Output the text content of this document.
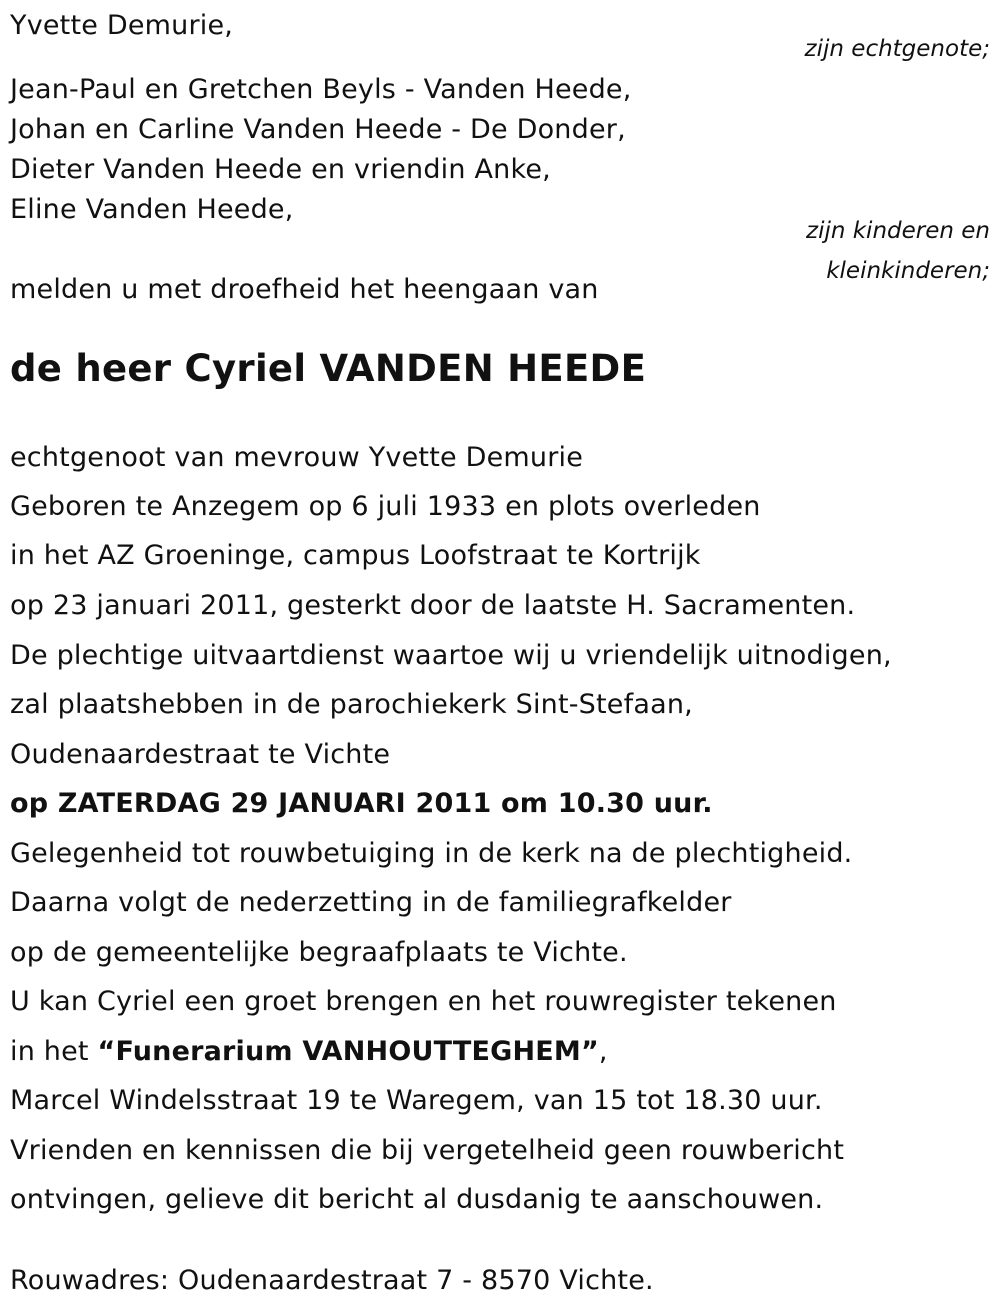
Yvette Demurie,
zijn echtgenote;
Jean-Paul en Gretchen Beyls - Vanden Heede,
Johan en Carline Vanden Heede - De Donder,
Dieter Vanden Heede en vriendin Anke,
Eline Vanden Heede,
zijn kinderen en
kleinkinderen;
melden u met droefheid het heengaan van
de heer Cyriel VANDEN HEEDE
echtgenoot van mevrouw Yvette Demurie
Geboren te Anzegem op 6 juli 1933 en plots overleden
in het AZ Groeninge, campus Loofstraat te Kortrijk
op 23 januari 2011, gesterkt door de laatste H. Sacramenten.
De plechtige uitvaartdienst waartoe wij u vriendelijk uitnodigen,
zal plaatshebben in de parochiekerk Sint-Stefaan,
Oudenaardestraat te Vichte
op ZATERDAG 29 JANUARI 2011 om 10.30 uur.
Gelegenheid tot rouwbetuiging in de kerk na de plechtigheid.
Daarna volgt de nederzetting in de familiegrafkelder
op de gemeentelijke begraafplaats te Vichte.
U kan Cyriel een groet brengen en het rouwregister tekenen
in het “Funerarium VANHOUTTEGHEM”,
Marcel Windelsstraat 19 te Waregem, van 15 tot 18.30 uur.
Vrienden en kennissen die bij vergetelheid geen rouwbericht
ontvingen, gelieve dit bericht al dusdanig te aanschouwen.
Rouwadres: Oudenaardestraat 7 - 8570 Vichte.
